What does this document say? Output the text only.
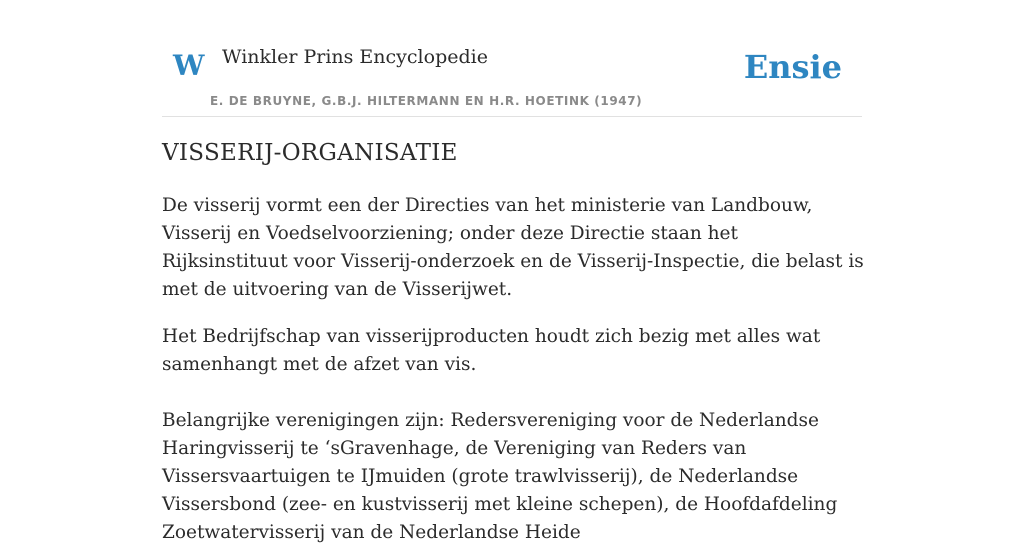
W Winkler Prins Encyclopedie
E. DE BRUYNE, G.B.J. HILTERMANN EN H.R. HOETINK (1947)
Ensie
VISSERIJ-ORGANISATIE

De visserij vormt een der Directies van het ministerie van Landbouw, Visserij en Voedselvoorziening; onder deze Directie staan het Rijksinstituut voor Visserij-onderzoek en de Visserij-Inspectie, die belast is met de uitvoering van de Visserijwet.

Het Bedrijfschap van visserijproducten houdt zich bezig met alles wat samenhangt met de afzet van vis.

Belangrijke verenigingen zijn: Redersvereniging voor de Nederlandse Haringvisserij te ‘sGravenhage, de Vereniging van Reders van Vissersvaartuigen te IJmuiden (grote trawlvisserij), de Nederlandse Vissersbond (zee- en kustvisserij met kleine schepen), de Hoofdafdeling Zoetwatervisserij van de Nederlandse Heide
